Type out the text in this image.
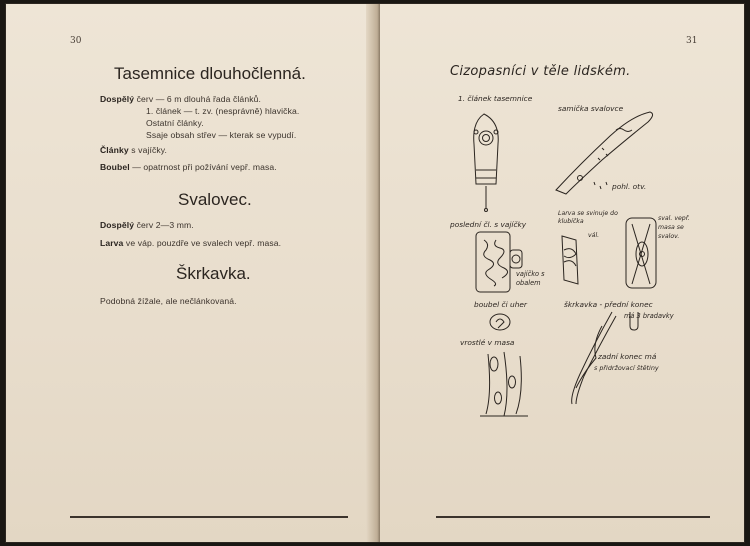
30
Tasemnice dlouhočlenná.
Dospělý červ — 6 m dlouhá řada článků.
1. článek — t. zv. (nesprávně) hlavička.
Ostatní články.
Ssaje obsah střev — kterak se vypudí.
Články s vajíčky.
Boubel — opatrnost při požívání vepř. masa.
Svalovec.
Dospělý červ 2—3 mm.
Larva ve váp. pouzdře ve svalech vepř. masa.
Škrkavka.
Podobná žížale, ale nečlánkovaná.
31
Cizopasníci v těle lidském.
1. článek tasemnice
samička svalovce
pohl. otv.
poslední čl. s vajíčky
Larva se svinuje do klubíčka
vál.
sval. vepř. masa se svalov.
vajíčko s obalem
boubel či uher	škrkavka - přední konec
má 3 bradavky
vrostlé v masa
zadní konec má
s přidržovací štětiny
